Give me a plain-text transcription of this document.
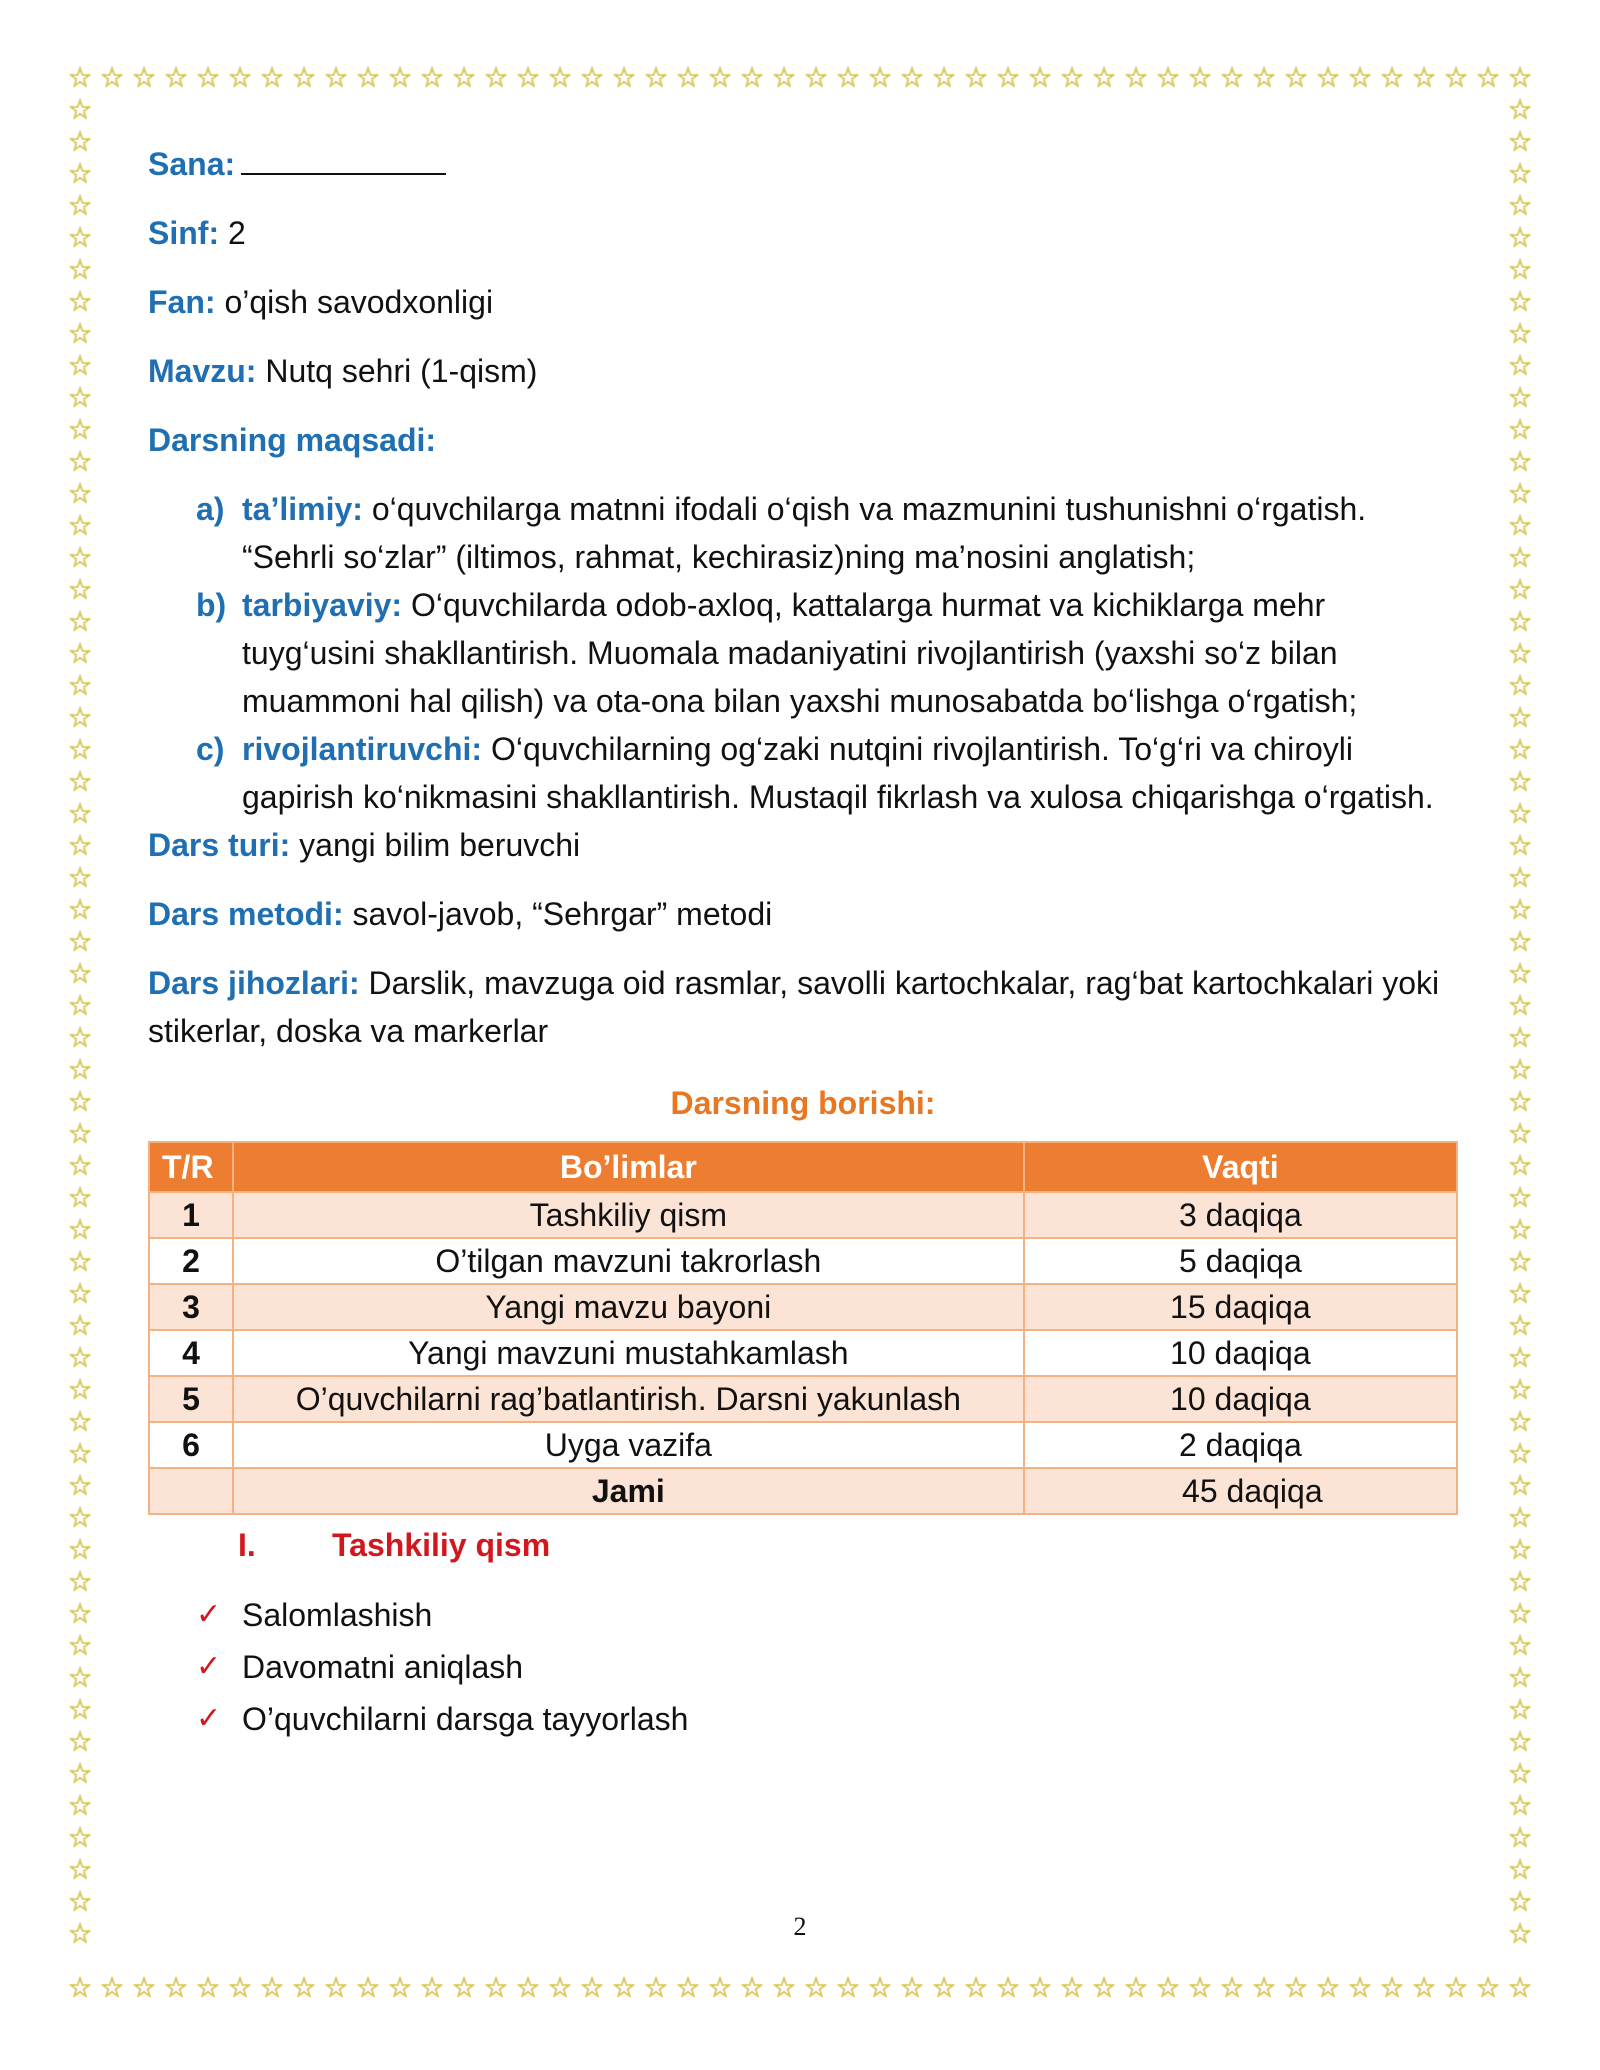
☆ ☆ ☆ ☆ ☆ ☆ ☆ ☆ ☆ ☆ ☆ ☆ ☆ ☆ ☆ ☆ ☆ ☆ ☆ ☆ ☆ ☆ ☆ ☆ ☆ ☆ ☆ ☆ ☆ ☆ ☆ ☆ ☆ ☆ ☆ ☆ ☆ ☆ ☆ ☆ ☆ ☆ ☆ ☆ ☆ ☆
☆ ☆ ☆ ☆ ☆ ☆ ☆ ☆ ☆ ☆ ☆ ☆ ☆ ☆ ☆ ☆ ☆ ☆ ☆ ☆ ☆ ☆ ☆ ☆ ☆ ☆ ☆ ☆ ☆ ☆ ☆ ☆ ☆ ☆ ☆ ☆ ☆ ☆ ☆ ☆ ☆ ☆ ☆ ☆ ☆ ☆
☆
☆
☆
☆
☆
☆
☆
☆
☆
☆
☆
☆
☆
☆
☆
☆
☆
☆
☆
☆
☆
☆
☆
☆
☆
☆
☆
☆
☆
☆
☆
☆
☆
☆
☆
☆
☆
☆
☆
☆
☆
☆
☆
☆
☆
☆
☆
☆
☆
☆
☆
☆
☆
☆
☆
☆
☆
☆
☆
☆
☆
☆
☆
☆
☆
☆
☆
☆
☆
☆
☆
☆
☆
☆
☆
☆
☆
☆
☆
☆
☆
☆
☆
☆
☆
☆
☆
☆
☆
☆
☆
☆
☆
☆
☆
☆
☆
☆
☆
☆
☆
☆
☆
☆
☆
☆
☆
☆
☆
☆
☆
☆
☆
☆
☆
☆
Sana:
Sinf: 2
Fan: o’qish savodxonligi
Mavzu: Nutq sehri (1-qism)
Darsning maqsadi:
a) ta’limiy: o‘quvchilarga matnni ifodali o‘qish va mazmunini tushunishni o‘rgatish. “Sehrli so‘zlar” (iltimos, rahmat, kechirasiz)ning ma’nosini anglatish;
b) tarbiyaviy: O‘quvchilarda odob-axloq, kattalarga hurmat va kichiklarga mehr tuyg‘usini shakllantirish. Muomala madaniyatini rivojlantirish (yaxshi so‘z bilan muammoni hal qilish) va ota-ona bilan yaxshi munosabatda bo‘lishga o‘rgatish;
c) rivojlantiruvchi: O‘quvchilarning og‘zaki nutqini rivojlantirish. To‘g‘ri va chiroyli gapirish ko‘nikmasini shakllantirish. Mustaqil fikrlash va xulosa chiqarishga o‘rgatish.
Dars turi: yangi bilim beruvchi
Dars metodi: savol-javob, “Sehrgar” metodi
Dars jihozlari: Darslik, mavzuga oid rasmlar, savolli kartochkalar, rag‘bat kartochkalari yoki stikerlar, doska va markerlar
Darsning borishi:
T/R	Bo’limlar	Vaqti
1	Tashkiliy qism	3 daqiqa
2	O’tilgan mavzuni takrorlash	5 daqiqa
3	Yangi mavzu bayoni	15 daqiqa
4	Yangi mavzuni mustahkamlash	10 daqiqa
5	O’quvchilarni rag’batlantirish. Darsni yakunlash	10 daqiqa
6	Uyga vazifa	2 daqiqa
	Jami	45 daqiqa
I. Tashkiliy qism
✓ Salomlashish
✓ Davomatni aniqlash
✓ O’quvchilarni darsga tayyorlash
2
